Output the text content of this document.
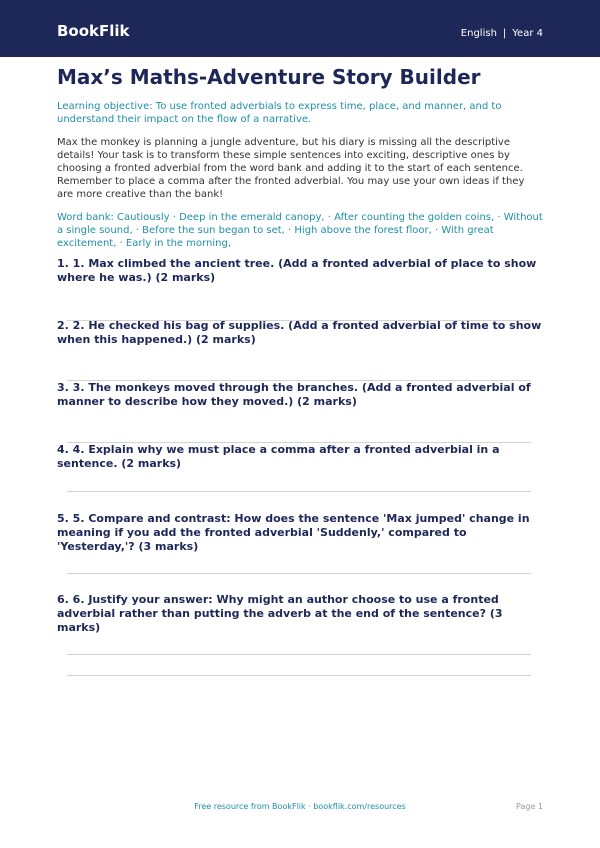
BookFlik	English | Year 4
Max’s Maths-Adventure Story Builder

Learning objective: To use fronted adverbials to express time, place, and manner, and to understand their impact on the flow of a narrative.

Max the monkey is planning a jungle adventure, but his diary is missing all the descriptive details! Your task is to transform these simple sentences into exciting, descriptive ones by choosing a fronted adverbial from the word bank and adding it to the start of each sentence. Remember to place a comma after the fronted adverbial. You may use your own ideas if they are more creative than the bank!

Word bank: Cautiously · Deep in the emerald canopy, · After counting the golden coins, · Without a single sound, · Before the sun began to set, · High above the forest floor, · With great excitement, · Early in the morning,

1. 1. Max climbed the ancient tree. (Add a fronted adverbial of place to show where he was.) (2 marks)
2. 2. He checked his bag of supplies. (Add a fronted adverbial of time to show when this happened.) (2 marks)
3. 3. The monkeys moved through the branches. (Add a fronted adverbial of manner to describe how they moved.) (2 marks)
4. 4. Explain why we must place a comma after a fronted adverbial in a sentence. (2 marks)
5. 5. Compare and contrast: How does the sentence 'Max jumped' change in meaning if you add the fronted adverbial 'Suddenly,' compared to 'Yesterday,'? (3 marks)
6. 6. Justify your answer: Why might an author choose to use a fronted adverbial rather than putting the adverb at the end of the sentence? (3 marks)
Free resource from BookFlik · bookflik.com/resources	Page 1
